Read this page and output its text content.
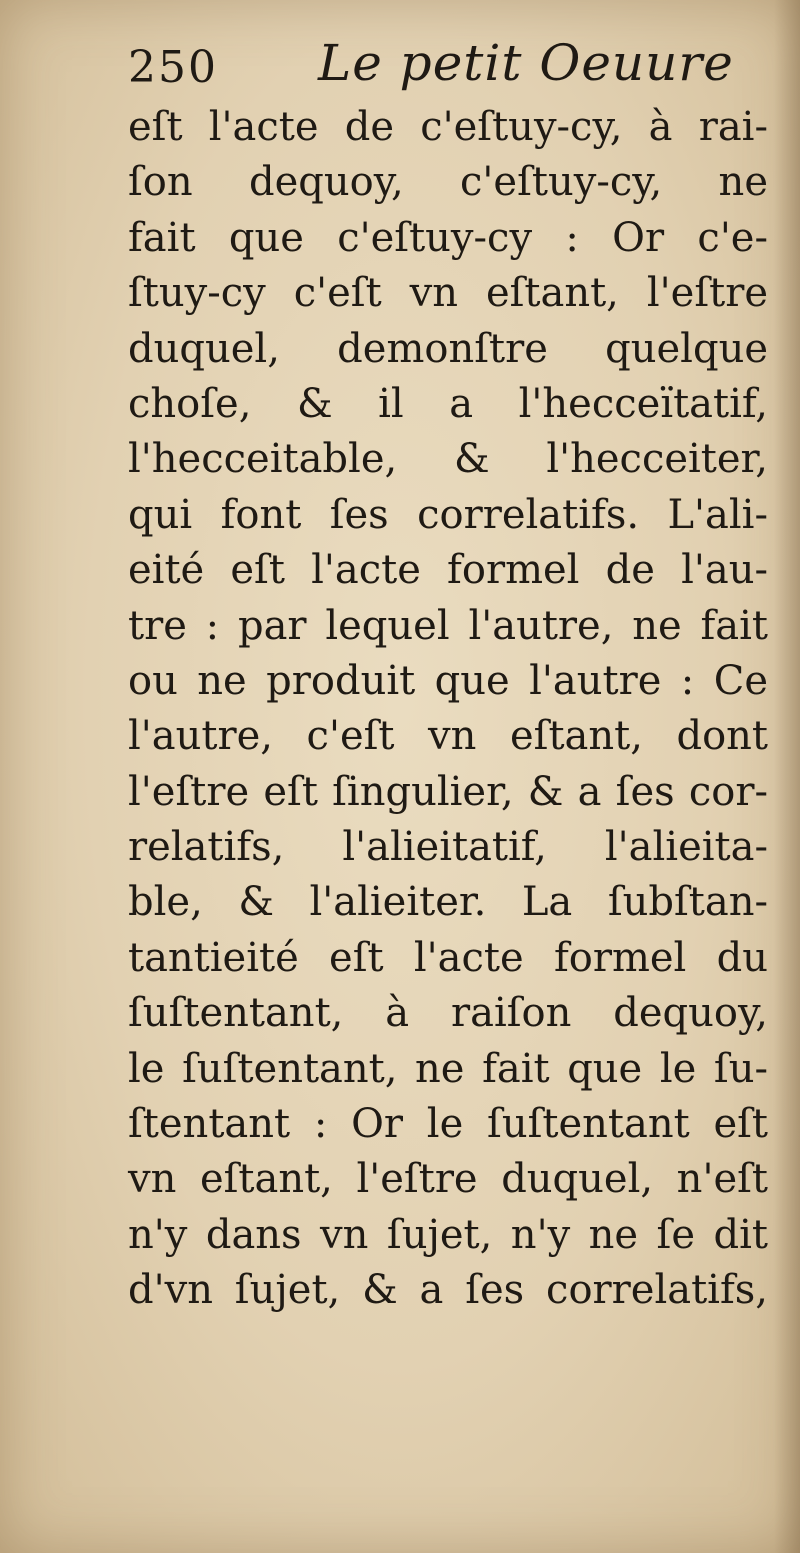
250 Le petit Oeuure
eſt l'acte de c'eſtuy-cy, à rai-
ſon dequoy, c'eſtuy-cy, ne
fait que c'eſtuy-cy : Or c'e-
ſtuy-cy c'eſt vn eſtant, l'eſtre
duquel, demonſtre quelque
choſe, & il a l'hecceïtatif,
l'hecceitable, & l'hecceiter,
qui font ſes correlatifs. L'ali-
eité eſt l'acte formel de l'au-
tre : par lequel l'autre, ne fait
ou ne produit que l'autre : Ce
l'autre, c'eſt vn eſtant, dont
l'eſtre eſt ſingulier, & a ſes cor-
relatifs, l'alieitatif, l'alieita-
ble, & l'alieiter. La ſubſtan-
tantieité eſt l'acte formel du
ſuſtentant, à raiſon dequoy,
le ſuſtentant, ne fait que le ſu-
ſtentant : Or le ſuſtentant eſt
vn eſtant, l'eſtre duquel, n'eſt
n'y dans vn ſujet, n'y ne ſe dit
d'vn ſujet, & a ſes correlatifs,
